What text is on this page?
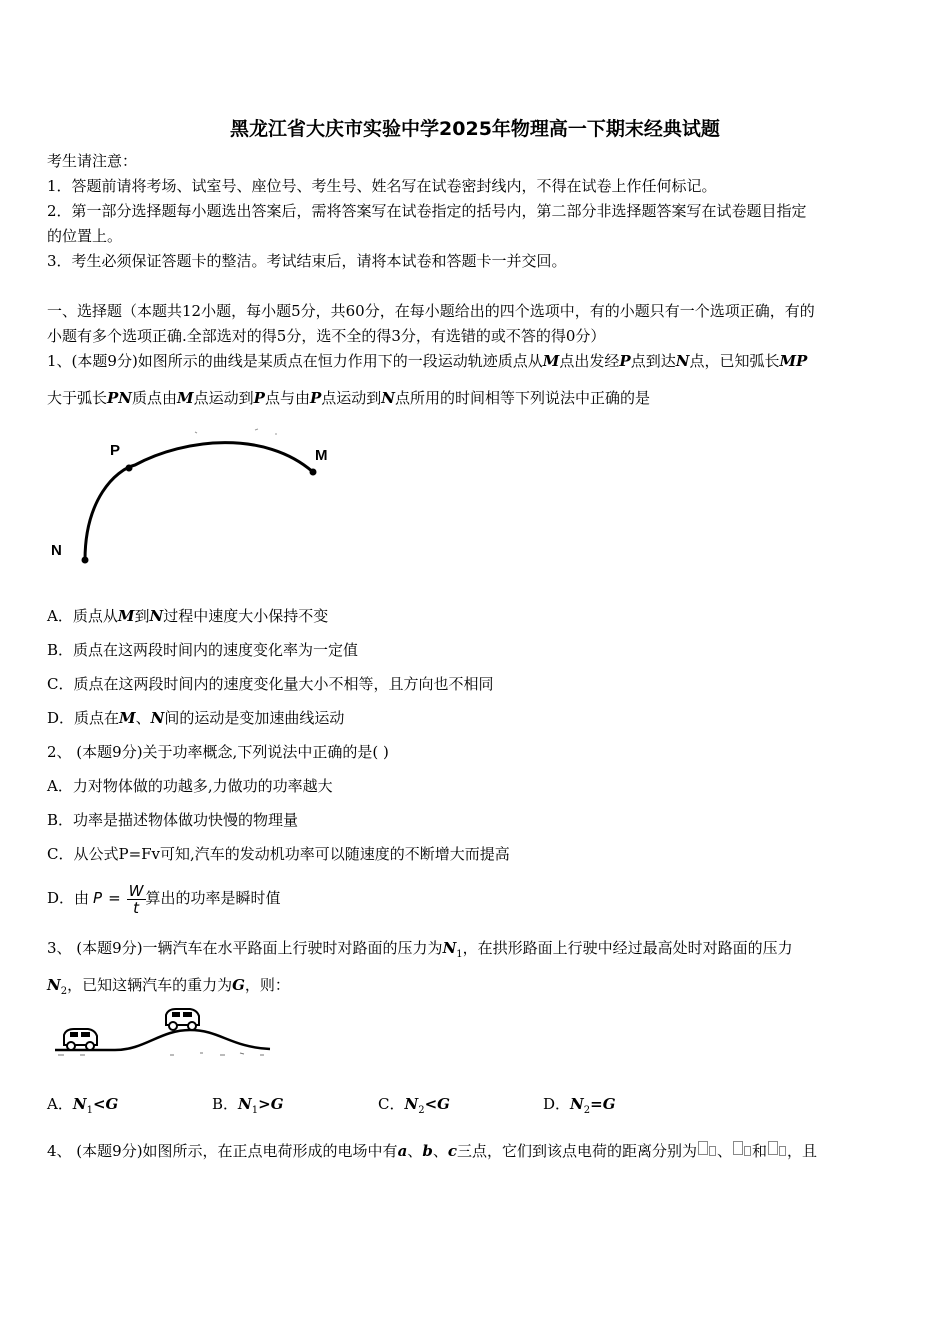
黑龙江省大庆市实验中学2025年物理高一下期末经典试题
考生请注意：
1．答题前请将考场、试室号、座位号、考生号、姓名写在试卷密封线内，不得在试卷上作任何标记。
2．第一部分选择题每小题选出答案后，需将答案写在试卷指定的括号内，第二部分非选择题答案写在试卷题目指定
的位置上。
3．考生必须保证答题卡的整洁。考试结束后，请将本试卷和答题卡一并交回。
一、选择题（本题共12小题，每小题5分，共60分，在每小题给出的四个选项中，有的小题只有一个选项正确，有的
小题有多个选项正确.全部选对的得5分，选不全的得3分，有选错的或不答的得0分）
1、(本题9分)如图所示的曲线是某质点在恒力作用下的一段运动轨迹质点从M点出发经P点到达N点，已知弧长MP
大于弧长PN质点由M点运动到P点与由P点运动到N点所用的时间相等下列说法中正确的是
P	M
N
A．质点从M到N过程中速度大小保持不变
B．质点在这两段时间内的速度变化率为一定值
C．质点在这两段时间内的速度变化量大小不相等，且方向也不相同
D．质点在M、N间的运动是变加速曲线运动
2、 (本题9分)关于功率概念,下列说法中正确的是( )
A．力对物体做的功越多,力做功的功率越大
B．功率是描述物体做功快慢的物理量
C．从公式P=Fv可知,汽车的发动机功率可以随速度的不断增大而提高
D．由 $P = \frac{W}{t}$ 算出的功率是瞬时值
3、 (本题9分)一辆汽车在水平路面上行驶时对路面的压力为$N_1$，在拱形路面上行驶中经过最高处时对路面的压力
$N_2$，已知这辆汽车的重力为G，则：
A．$N_1<G$	B．$N_1>G$	C．$N_2<G$	D．$N_2=G$
4、 (本题9分)如图所示，在正点电荷形成的电场中有a、b、c三点，它们到该点电荷的距离分别为 、 和 ，且
